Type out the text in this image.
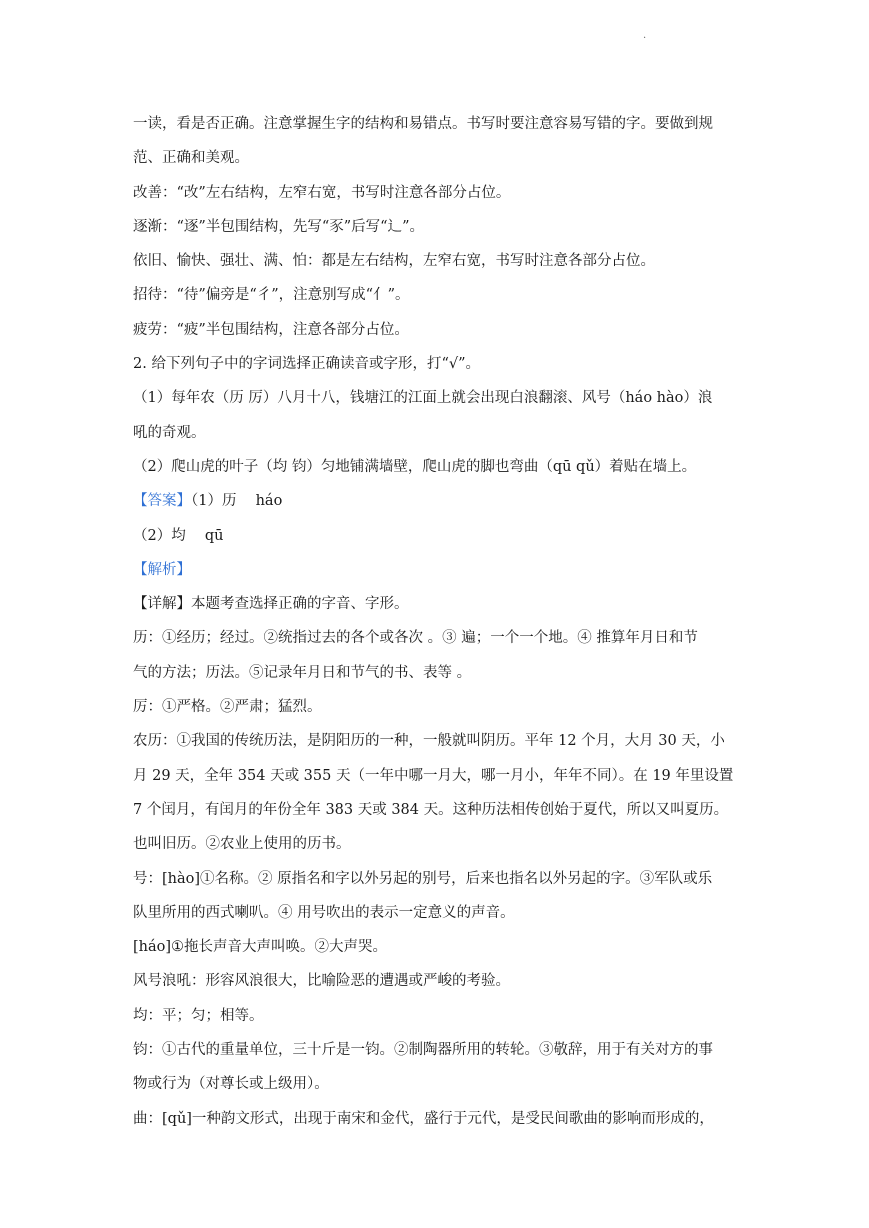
.
一读，看是否正确。注意掌握生字的结构和易错点。书写时要注意容易写错的字。要做到规
范、正确和美观。
改善：“改”左右结构，左窄右宽，书写时注意各部分占位。
逐渐：“逐”半包围结构，先写“豕”后写“辶”。
依旧、愉快、强壮、满、怕：都是左右结构，左窄右宽，书写时注意各部分占位。
招待：“待”偏旁是“彳”，注意别写成“亻”。
疲劳：“疲”半包围结构，注意各部分占位。
2. 给下列句子中的字词选择正确读音或字形，打“√”。
（1）每年农（历 厉）八月十八，钱塘江的江面上就会出现白浪翻滚、风号（háo hào）浪
吼的奇观。
（2）爬山虎的叶子（均 钧）匀地铺满墙壁，爬山虎的脚也弯曲（qū qǔ）着贴在墙上。
【答案】（1）历　 háo
（2）均　 qū
【解析】
【详解】本题考查选择正确的字音、字形。
历：①经历；经过。②统指过去的各个或各次 。③ 遍；一个一个地。④ 推算年月日和节
气的方法；历法。⑤记录年月日和节气的书、表等 。
厉：①严格。②严肃；猛烈。
农历：①我国的传统历法，是阴阳历的一种，一般就叫阴历。平年 12 个月，大月 30 天，小
月 29 天，全年 354 天或 355 天（一年中哪一月大，哪一月小，年年不同）。在 19 年里设置
7 个闰月，有闰月的年份全年 383 天或 384 天。这种历法相传创始于夏代，所以又叫夏历。
也叫旧历。②农业上使用的历书。
号：[hào]①名称。② 原指名和字以外另起的别号，后来也指名以外另起的字。③军队或乐
队里所用的西式喇叭。④ 用号吹出的表示一定意义的声音。
[háo]①拖长声音大声叫唤。②大声哭。
风号浪吼：形容风浪很大，比喻险恶的遭遇或严峻的考验。
均：平；匀；相等。
钧：①古代的重量单位，三十斤是一钧。②制陶器所用的转轮。③敬辞，用于有关对方的事
物或行为（对尊长或上级用）。
曲：[qǔ]一种韵文形式，出现于南宋和金代，盛行于元代，是受民间歌曲的影响而形成的，
